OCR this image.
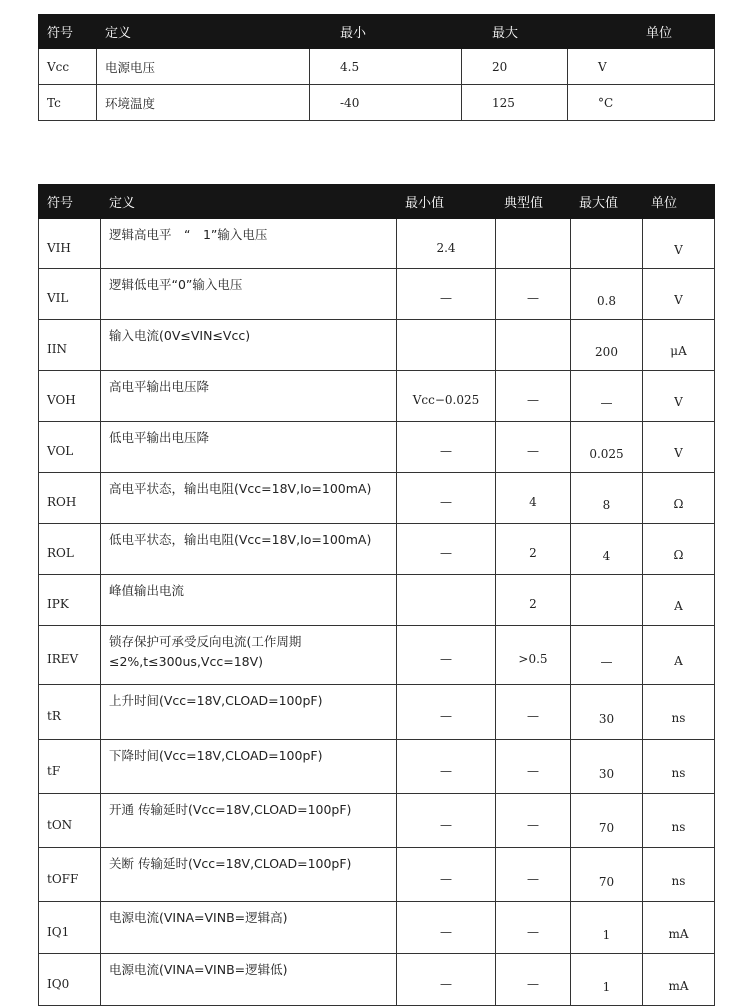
符号	定义	最小	最大	单位
Vcc	电源电压	4.5	20	V
Tc	环境温度	-40	125	°C
符号	定义	最小值	典型值	最大值	单位
VIH	逻辑高电平　“　1”输入电压	2.4			V
VIL	逻辑低电平“0”输入电压	—	—	0.8	V
IIN	输入电流(0V≤VIN≤Vcc)			200	μA
VOH	高电平输出电压降	Vcc−0.025	—	—	V
VOL	低电平输出电压降	—	—	0.025	V
ROH	高电平状态，输出电阻(Vcc=18V,Io=100mA)	—	4	8	Ω
ROL	低电平状态，输出电阻(Vcc=18V,Io=100mA)	—	2	4	Ω
IPK	峰值输出电流		2		A
IREV	锁存保护可承受反向电流(工作周期≤2%,t≤300us,Vcc=18V)	—	>0.5	—	A
tR	上升时间(Vcc=18V,CLOAD=100pF)	—	—	30	ns
tF	下降时间(Vcc=18V,CLOAD=100pF)	—	—	30	ns
tON	开通 传输延时(Vcc=18V,CLOAD=100pF)	—	—	70	ns
tOFF	关断 传输延时(Vcc=18V,CLOAD=100pF)	—	—	70	ns
IQ1	电源电流(VINA=VINB=逻辑高)	—	—	1	mA
IQ0	电源电流(VINA=VINB=逻辑低)	—	—	1	mA
